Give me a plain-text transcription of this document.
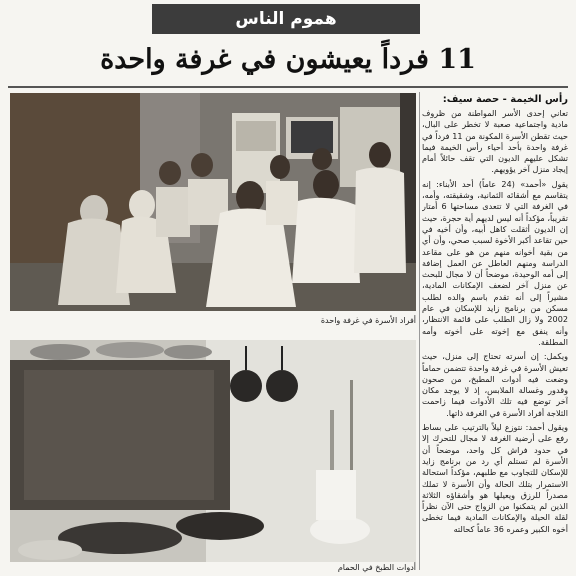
هموم الناس
11 فرداً يعيشون في غرفة واحدة
أفراد الأسرة في غرفة واحدة
أدوات الطبخ في الحمام
رأس الخيمة - حصة سيف:

تعاني إحدى الأسر المواطنة من ظروف مادية واجتماعية صعبة لا تخطر على البال، حيث تقطن الأسرة المكونة من 11 فرداً في غرفة واحدة بأحد أحياء رأس الخيمة فيما تشكل عليهم الديون التي تقف حائلاً أمام إيجاد منزل آخر يؤويهم.

يقول «أحمد» (24 عاماً) أحد الأبناء: إنه يتقاسم مع أشقائه الثمانية، وشقيقته، وأمه، في الغرفة التي لا تتعدى مساحتها 6 أمتار تقريباً، مؤكداً أنه ليس لديهم أية حجرة، حيث إن الديون أثقلت كاهل أبيه، وأن أخيه في حين تقاعد أكبر الأخوة لسبب صحي، وأن أي من بقية أخوانه منهم من هو على مقاعد الدراسة ومنهم العاطل عن العمل إضافة إلى أمه الوحيدة، موضحاً أن لا مجال للبحث عن منزل آخر لضعف الإمكانات المادية، مشيراً إلى أنه تقدم باسم والده لطلب مسكن من برنامج زايد للإسكان في عام 2002 ولا زال الطلب على قائمة الانتظار، وأنه ينفق مع إخوته على أخوته وأمه المطلقة.

ويكمل: إن أسرته تحتاج إلى منزل، حيث تعيش الأسرة في غرفة واحدة تتضمن حماماً وضعت فيه أدوات المطبخ، من صحون وقدور وغسالة الملابس، إذ لا يوجد مكان آخر توضع فيه تلك الأدوات فيما زاحمت الثلاجة أفراد الأسرة في الغرفة ذاتها.

ويقول أحمد: نتوزع ليلاً بالترتيب على بساط رفع على أرضية الغرفة لا مجال للتحرك إلا في حدود فراش كل واحد، موضحاً أن الأسرة لم تستلم أي رد من برنامج زايد للإسكان للتجاوب مع طلبهم، مؤكداً استحالة الاستمرار بتلك الحالة وأن الأسرة لا تملك مصدراً للرزق ويعيلها هو وأشقاؤه الثلاثة الذين لم يتمكنوا من الزواج حتى الآن نظراً لقلة الحيلة والإمكانات المادية فيما تخطى أخوه الكبير وعمره 36 عاماً كحالته
